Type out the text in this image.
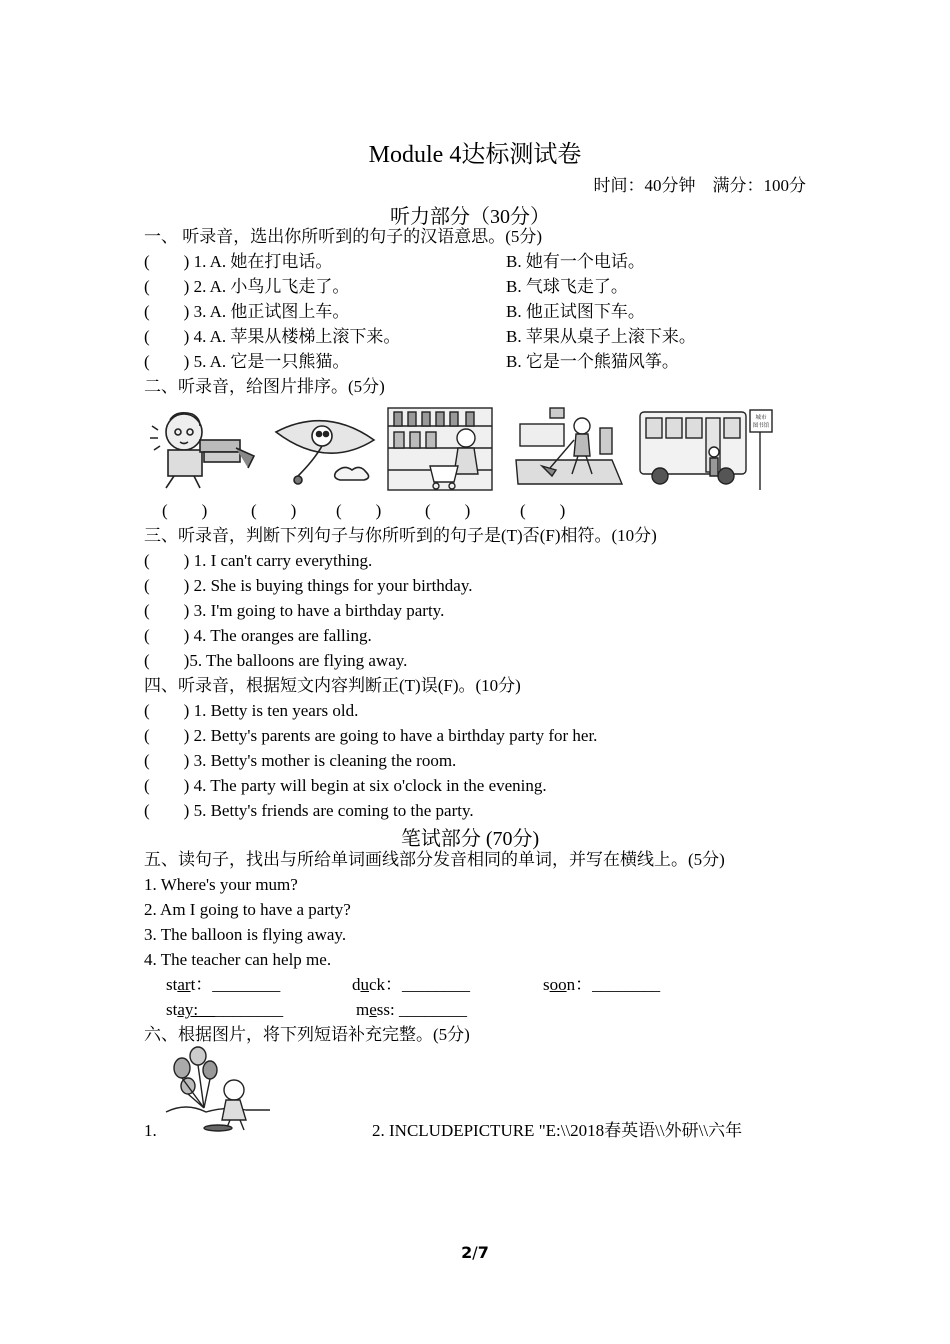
Module 4达标测试卷
时间：40分钟　满分：100分
听力部分（30分）
一、 听录音，选出你所听到的句子的汉语意思。(5分)
(　　) 1. A. 她在打电话。	B. 她有一个电话。
(　　) 2. A. 小鸟儿飞走了。	B. 气球飞走了。
(　　) 3. A. 他正试图上车。	B. 他正试图下车。
(　　) 4. A. 苹果从楼梯上滚下来。	B. 苹果从桌子上滚下来。
(　　) 5. A. 它是一只熊猫。	B. 它是一个熊猫风筝。
二、听录音，给图片排序。(5分)
城市
图书馆
(　　)	(　　) (　　)	(　　)	(　　)
三、听录音，判断下列句子与你所听到的句子是(T)否(F)相符。(10分)
(　　) 1. I can't carry everything.
(　　) 2. She is buying things for your birthday.
(　　) 3. I'm going to have a birthday party.
(　　) 4. The oranges are falling.
(　　)5. The balloons are flying away.
四、听录音，根据短文内容判断正(T)误(F)。(10分)
(　　) 1. Betty is ten years old.
(　　) 2. Betty's parents are going to have a birthday party for her.
(　　) 3. Betty's mother is cleaning the room.
(　　) 4. The party will begin at six o'clock in the evening.
(　　) 5. Betty's friends are coming to the party.
笔试部分 (70分)
五、读句子，找出与所给单词画线部分发音相同的单词，并写在横线上。(5分)
1. Where's your mum?
2. Am I going to have a party?
3. The balloon is flying away.
4. The teacher can help me.
start：________	duck：________	soon：________
stay:　 ________	mess: ________
六、根据图片，将下列短语补充完整。(5分)
1.	2. INCLUDEPICTURE "E:\\2018春英语\\外研\\六年
2/7
